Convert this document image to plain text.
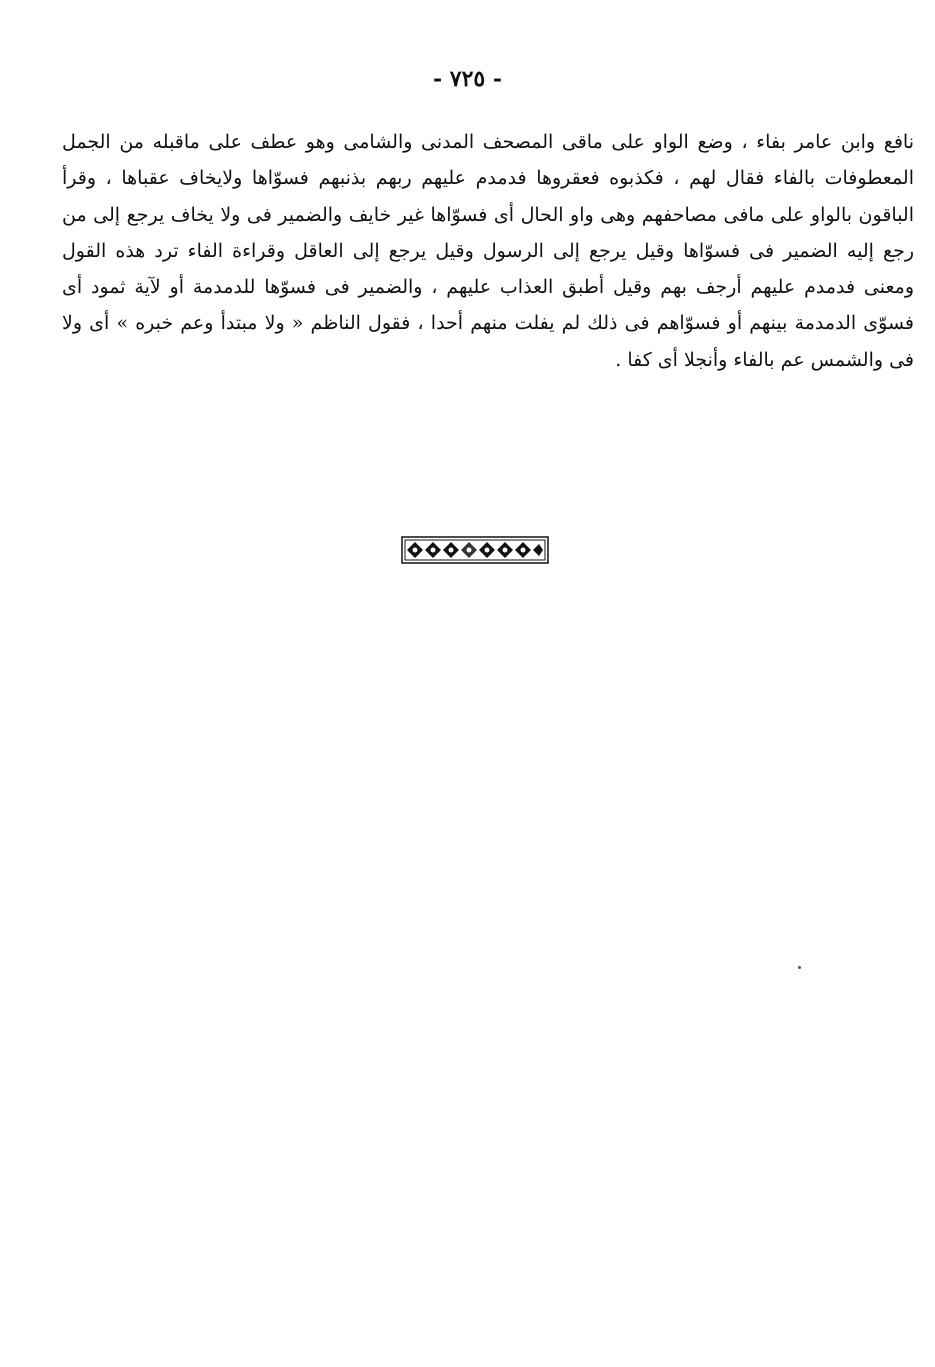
- ٧٢٥ -

نافع وابن عامر بفاء ، وضع الواو على ماقى المصحف المدنى والشامى وهو عطف على ماقبله من الجمل المعطوفات بالفاء فقال لهم ، فكذبوه فعقروها فدمدم عليهم ربهم بذنبهم فسوّاها ولايخاف عقباها ، وقرأ الباقون بالواو على مافى مصاحفهم وهى واو الحال أى فسوّاها غير خايف والضمير فى ولا يخاف يرجع إلى من رجع إليه الضمير فى فسوّاها وقيل يرجع إلى الرسول وقيل يرجع إلى العاقل وقراءة الفاء ترد هذه القول ومعنى فدمدم عليهم أرجف بهم وقيل أطبق العذاب عليهم ، والضمير فى فسوّها للدمدمة أو لآية ثمود أى فسوّى الدمدمة بينهم أو فسوّاهم فى ذلك لم يفلت منهم أحدا ، فقول الناظم « ولا مبتدأ وعم خبره » أى ولا فى والشمس عم بالفاء وأنجلا أى كفا .
